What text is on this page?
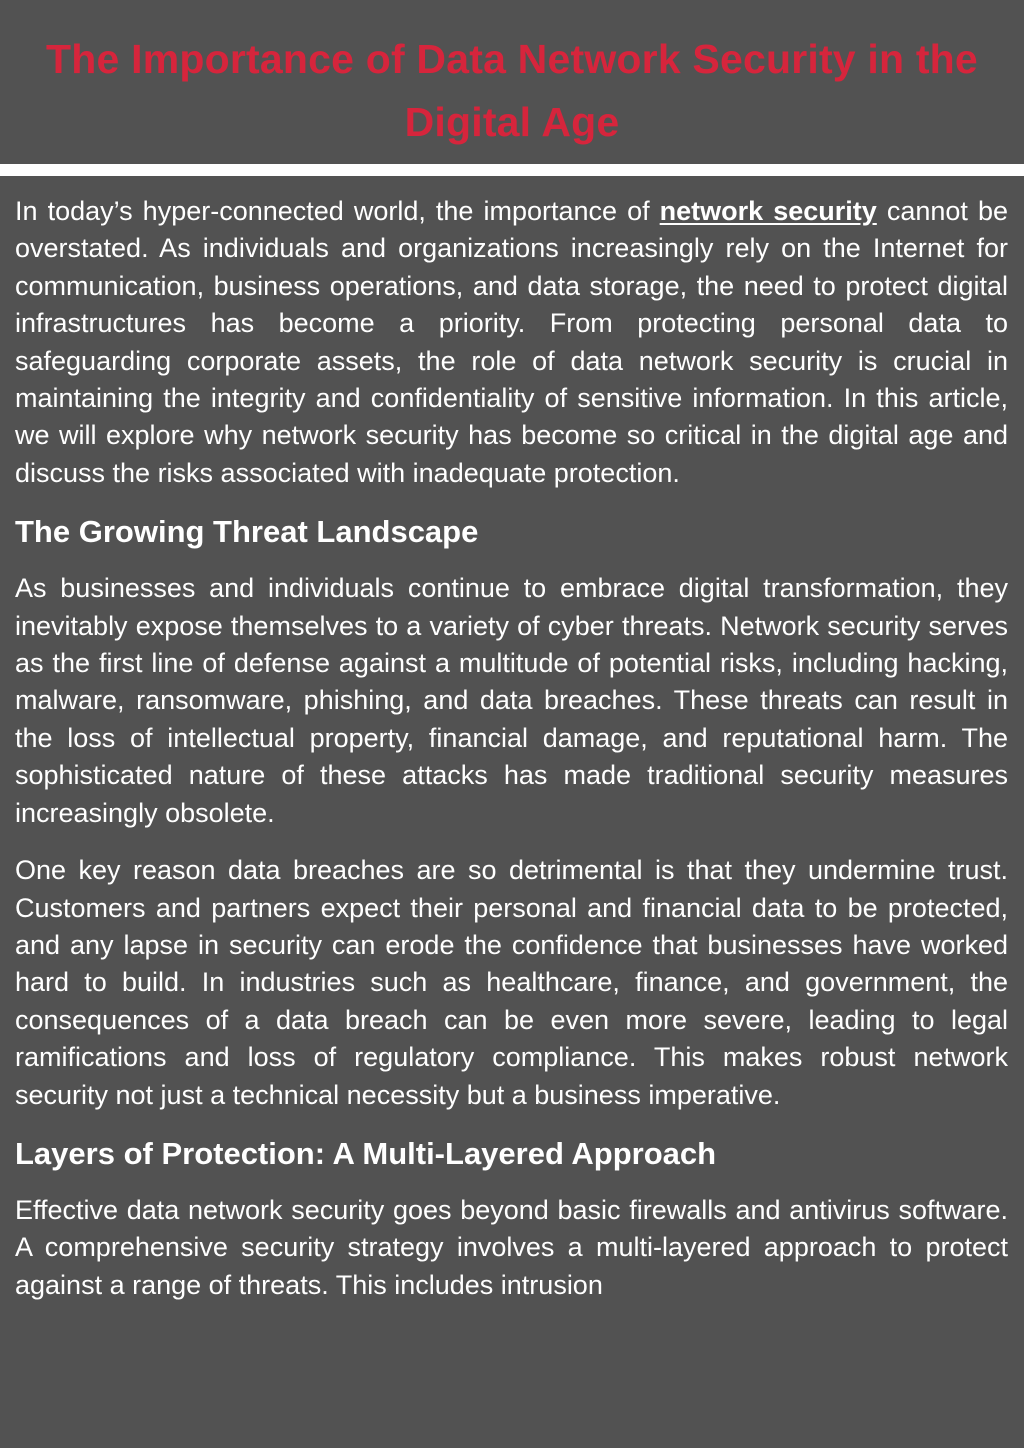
The Importance of Data Network Security in the Digital Age

In today’s hyper-connected world, the importance of network security cannot be overstated. As individuals and organizations increasingly rely on the Internet for communication, business operations, and data storage, the need to protect digital infrastructures has become a priority. From protecting personal data to safeguarding corporate assets, the role of data network security is crucial in maintaining the integrity and confidentiality of sensitive information. In this article, we will explore why network security has become so critical in the digital age and discuss the risks associated with inadequate protection.

The Growing Threat Landscape

As businesses and individuals continue to embrace digital transformation, they inevitably expose themselves to a variety of cyber threats. Network security serves as the first line of defense against a multitude of potential risks, including hacking, malware, ransomware, phishing, and data breaches. These threats can result in the loss of intellectual property, financial damage, and reputational harm. The sophisticated nature of these attacks has made traditional security measures increasingly obsolete.

One key reason data breaches are so detrimental is that they undermine trust. Customers and partners expect their personal and financial data to be protected, and any lapse in security can erode the confidence that businesses have worked hard to build. In industries such as healthcare, finance, and government, the consequences of a data breach can be even more severe, leading to legal ramifications and loss of regulatory compliance. This makes robust network security not just a technical necessity but a business imperative.

Layers of Protection: A Multi-Layered Approach

Effective data network security goes beyond basic firewalls and antivirus software. A comprehensive security strategy involves a multi-layered approach to protect against a range of threats. This includes intrusion
